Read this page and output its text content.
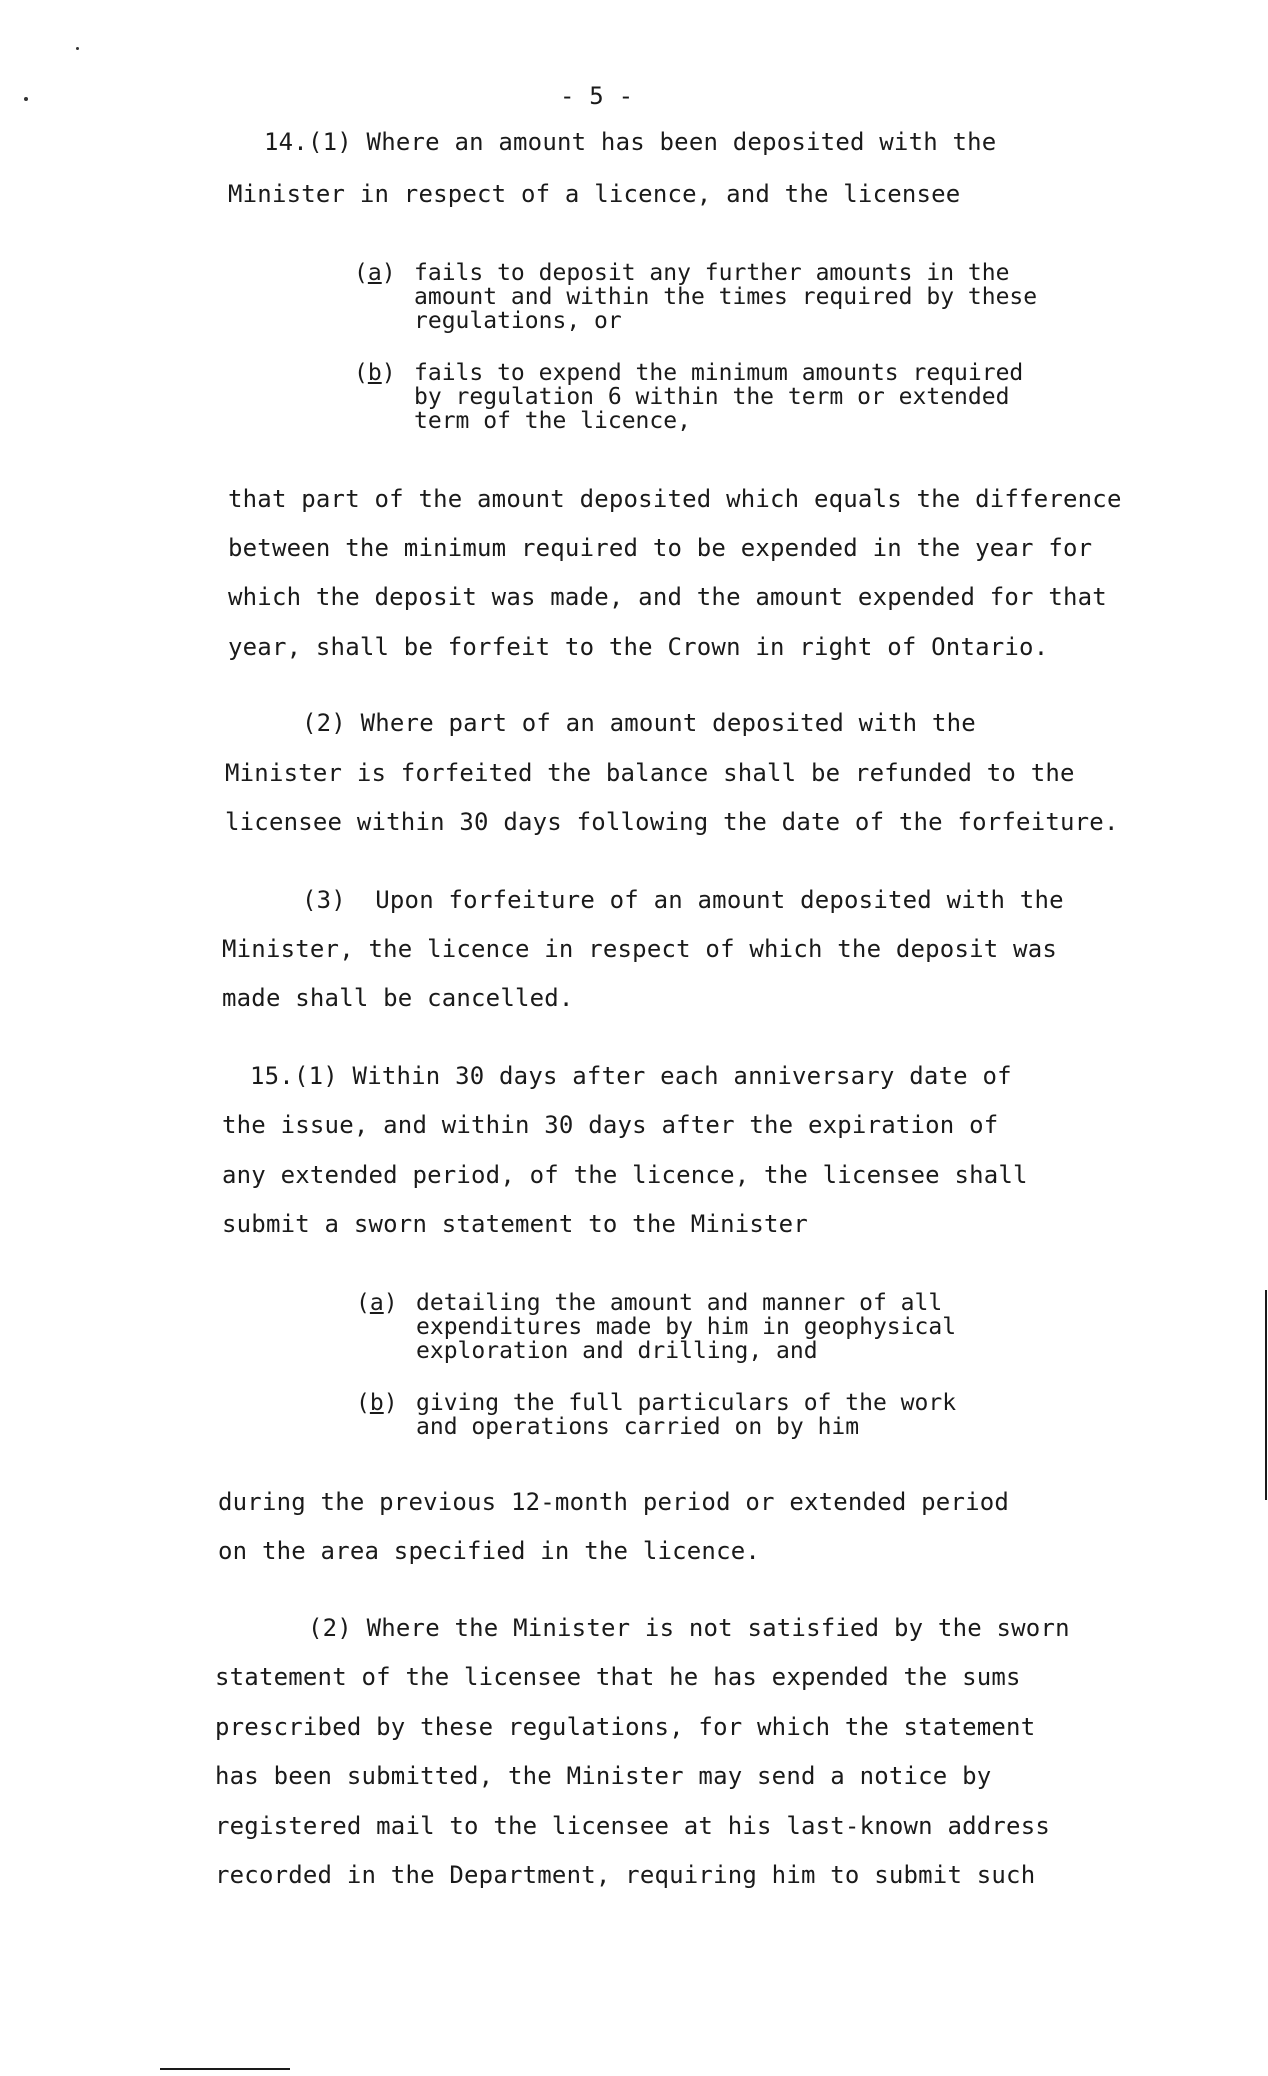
- 5 -
14.(1) Where an amount has been deposited with the
Minister in respect of a licence, and the licensee
(a) fails to deposit any further amounts in the
amount and within the times required by these
regulations, or
(b) fails to expend the minimum amounts required
by regulation 6 within the term or extended
term of the licence,
that part of the amount deposited which equals the difference
between the minimum required to be expended in the year for
which the deposit was made, and the amount expended for that
year, shall be forfeit to the Crown in right of Ontario.
(2) Where part of an amount deposited with the
Minister is forfeited the balance shall be refunded to the
licensee within 30 days following the date of the forfeiture.
(3)  Upon forfeiture of an amount deposited with the
Minister, the licence in respect of which the deposit was
made shall be cancelled.
15.(1) Within 30 days after each anniversary date of
the issue, and within 30 days after the expiration of
any extended period, of the licence, the licensee shall
submit a sworn statement to the Minister
(a) detailing the amount and manner of all
expenditures made by him in geophysical
exploration and drilling, and
(b) giving the full particulars of the work
and operations carried on by him
during the previous 12-month period or extended period
on the area specified in the licence.
(2) Where the Minister is not satisfied by the sworn
statement of the licensee that he has expended the sums
prescribed by these regulations, for which the statement
has been submitted, the Minister may send a notice by
registered mail to the licensee at his last-known address
recorded in the Department, requiring him to submit such
